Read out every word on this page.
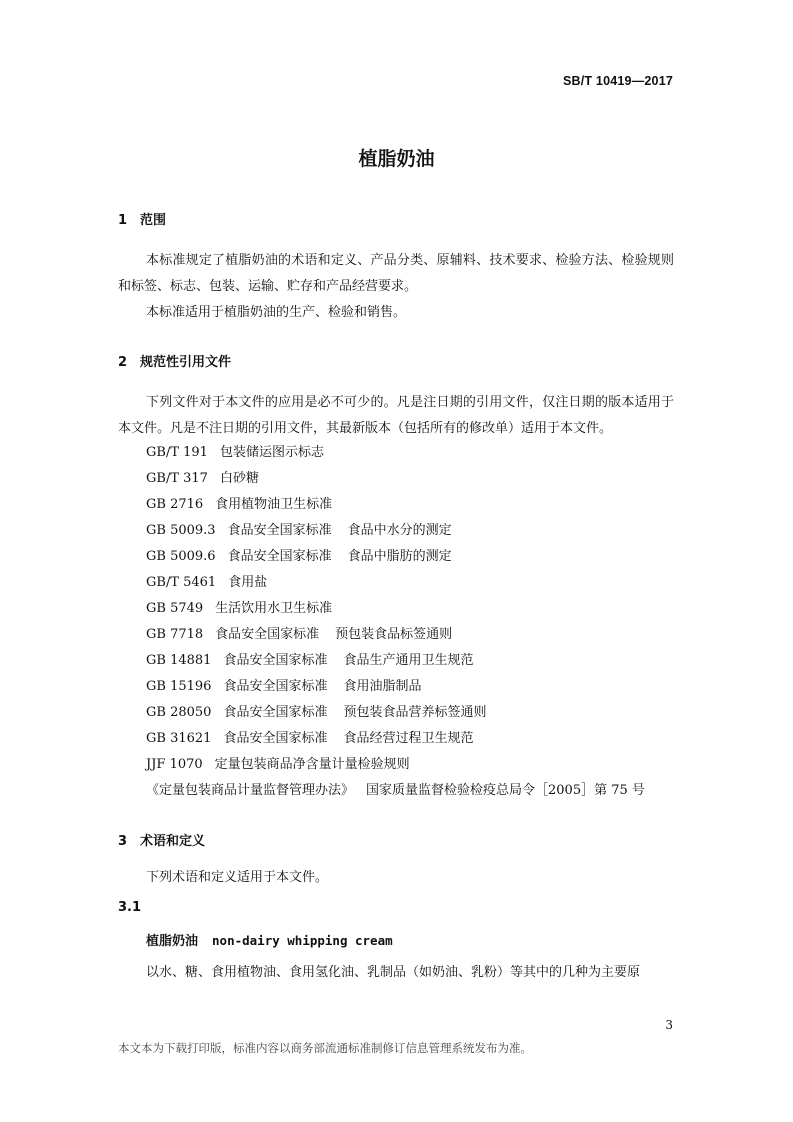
SB/T 10419—2017
植脂奶油
1 范围
本标准规定了植脂奶油的术语和定义、产品分类、原辅料、技术要求、检验方法、检验规则和标签、标志、包装、运输、贮存和产品经营要求。
本标准适用于植脂奶油的生产、检验和销售。
2 规范性引用文件
下列文件对于本文件的应用是必不可少的。凡是注日期的引用文件，仅注日期的版本适用于本文件。凡是不注日期的引用文件，其最新版本（包括所有的修改单）适用于本文件。
GB/T 191 包装储运图示标志
GB/T 317 白砂糖
GB 2716 食用植物油卫生标准
GB 5009.3 食品安全国家标准 食品中水分的测定
GB 5009.6 食品安全国家标准 食品中脂肪的测定
GB/T 5461 食用盐
GB 5749 生活饮用水卫生标准
GB 7718 食品安全国家标准 预包装食品标签通则
GB 14881 食品安全国家标准 食品生产通用卫生规范
GB 15196 食品安全国家标准 食用油脂制品
GB 28050 食品安全国家标准 预包装食品营养标签通则
GB 31621 食品安全国家标准 食品经营过程卫生规范
JJF 1070 定量包装商品净含量计量检验规则
《定量包装商品计量监督管理办法》 国家质量监督检验检疫总局令［2005］第 75 号
3 术语和定义
下列术语和定义适用于本文件。
3.1
植脂奶油 non-dairy whipping cream
以水、糖、食用植物油、食用氢化油、乳制品（如奶油、乳粉）等其中的几种为主要原
3
本文本为下载打印版，标准内容以商务部流通标准制修订信息管理系统发布为准。
